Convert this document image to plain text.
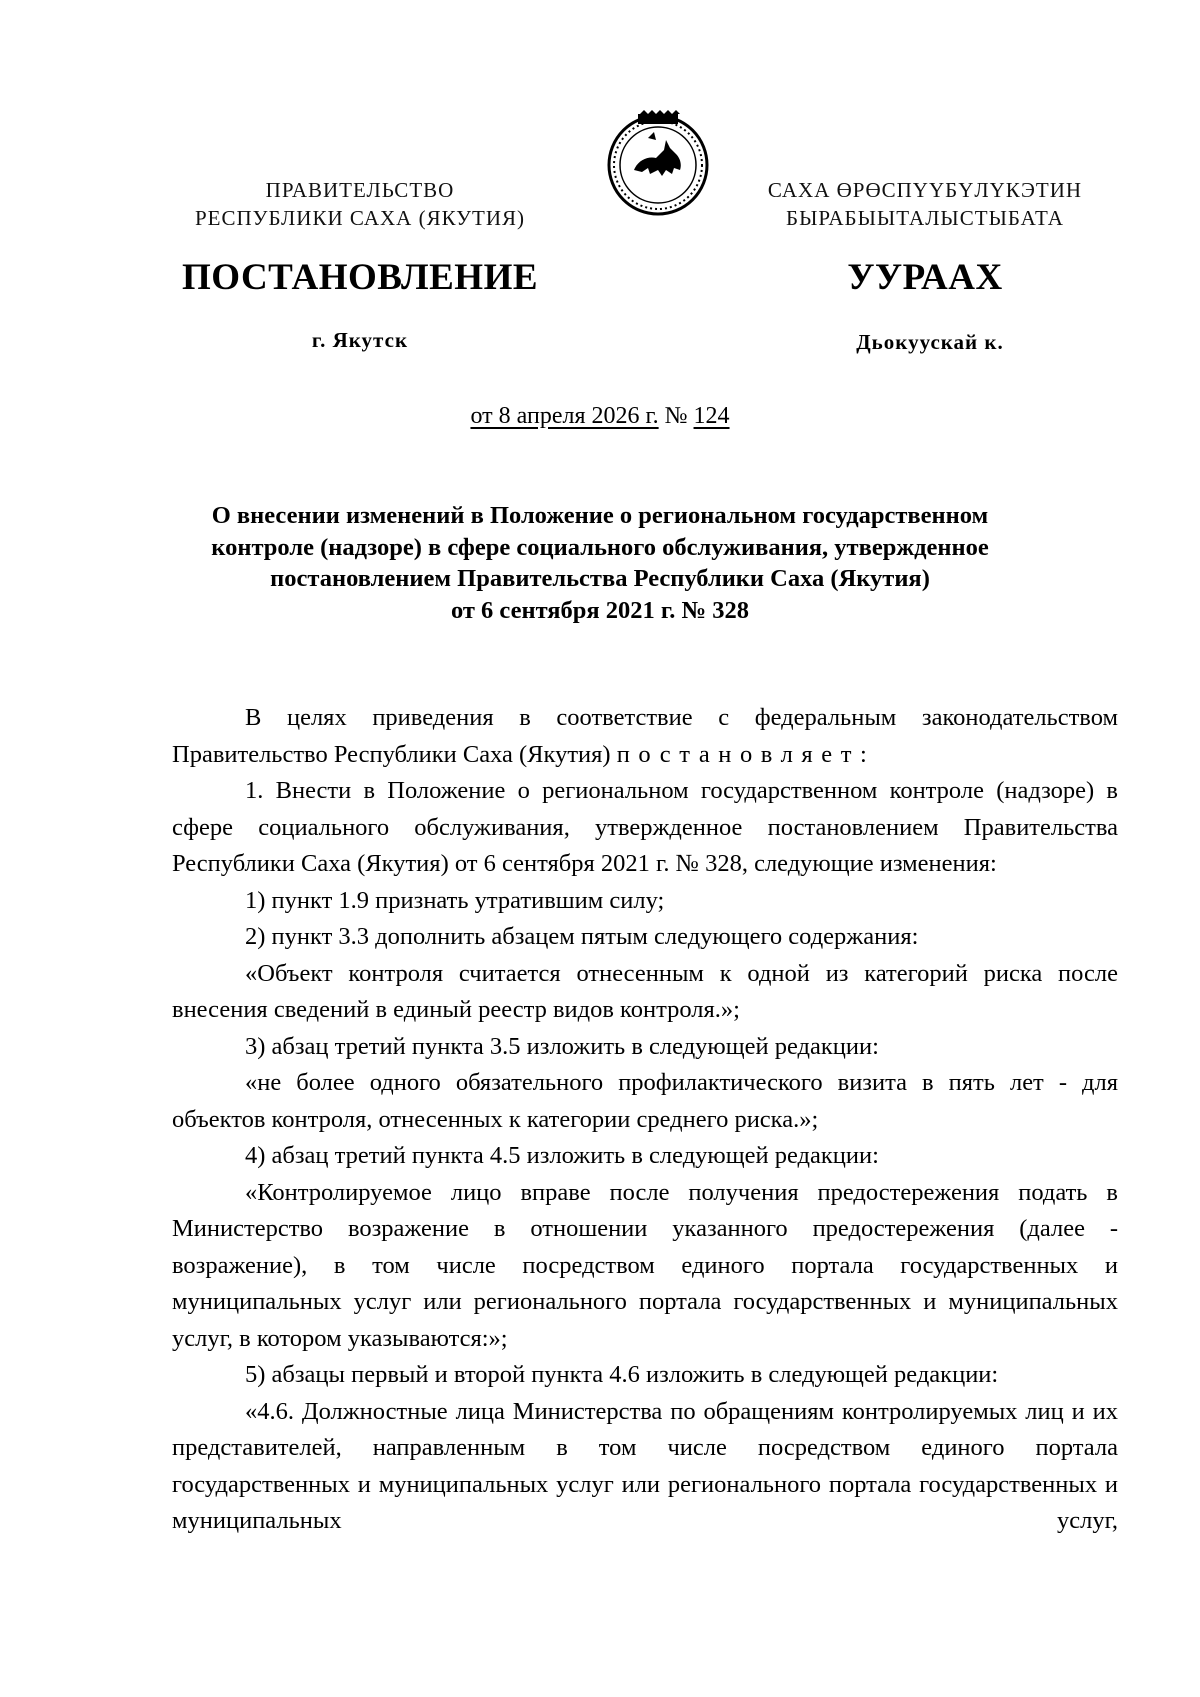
ПРАВИТЕЛЬСТВО
РЕСПУБЛИКИ САХА (ЯКУТИЯ)
САХА ӨРӨСПҮҮБҮЛҮКЭТИН
БЫРАБЫЫТАЛЫСТЫБАТА
ПОСТАНОВЛЕНИЕ	УУРААХ
г. Якутск	Дьокуускай к.
от 8 апреля 2026 г. № 124
О внесении изменений в Положение о региональном государственном
контроле (надзоре) в сфере социального обслуживания, утвержденное
постановлением Правительства Республики Саха (Якутия)
от 6 сентября 2021 г. № 328
В целях приведения в соответствие с федеральным законодательством Правительство Республики Саха (Якутия) постановляет:
1. Внести в Положение о региональном государственном контроле (надзоре) в сфере социального обслуживания, утвержденное постановлением Правительства Республики Саха (Якутия) от 6 сентября 2021 г. № 328, следующие изменения:
1) пункт 1.9 признать утратившим силу;
2) пункт 3.3 дополнить абзацем пятым следующего содержания:
«Объект контроля считается отнесенным к одной из категорий риска после внесения сведений в единый реестр видов контроля.»;
3) абзац третий пункта 3.5 изложить в следующей редакции:
«не более одного обязательного профилактического визита в пять лет - для объектов контроля, отнесенных к категории среднего риска.»;
4) абзац третий пункта 4.5 изложить в следующей редакции:
«Контролируемое лицо вправе после получения предостережения подать в Министерство возражение в отношении указанного предостережения (далее - возражение), в том числе посредством единого портала государственных и муниципальных услуг или регионального портала государственных и муниципальных услуг, в котором указываются:»;
5) абзацы первый и второй пункта 4.6 изложить в следующей редакции:
«4.6. Должностные лица Министерства по обращениям контролируемых лиц и их представителей, направленным в том числе посредством единого портала государственных и муниципальных услуг или регионального портала государственных и муниципальных услуг,
